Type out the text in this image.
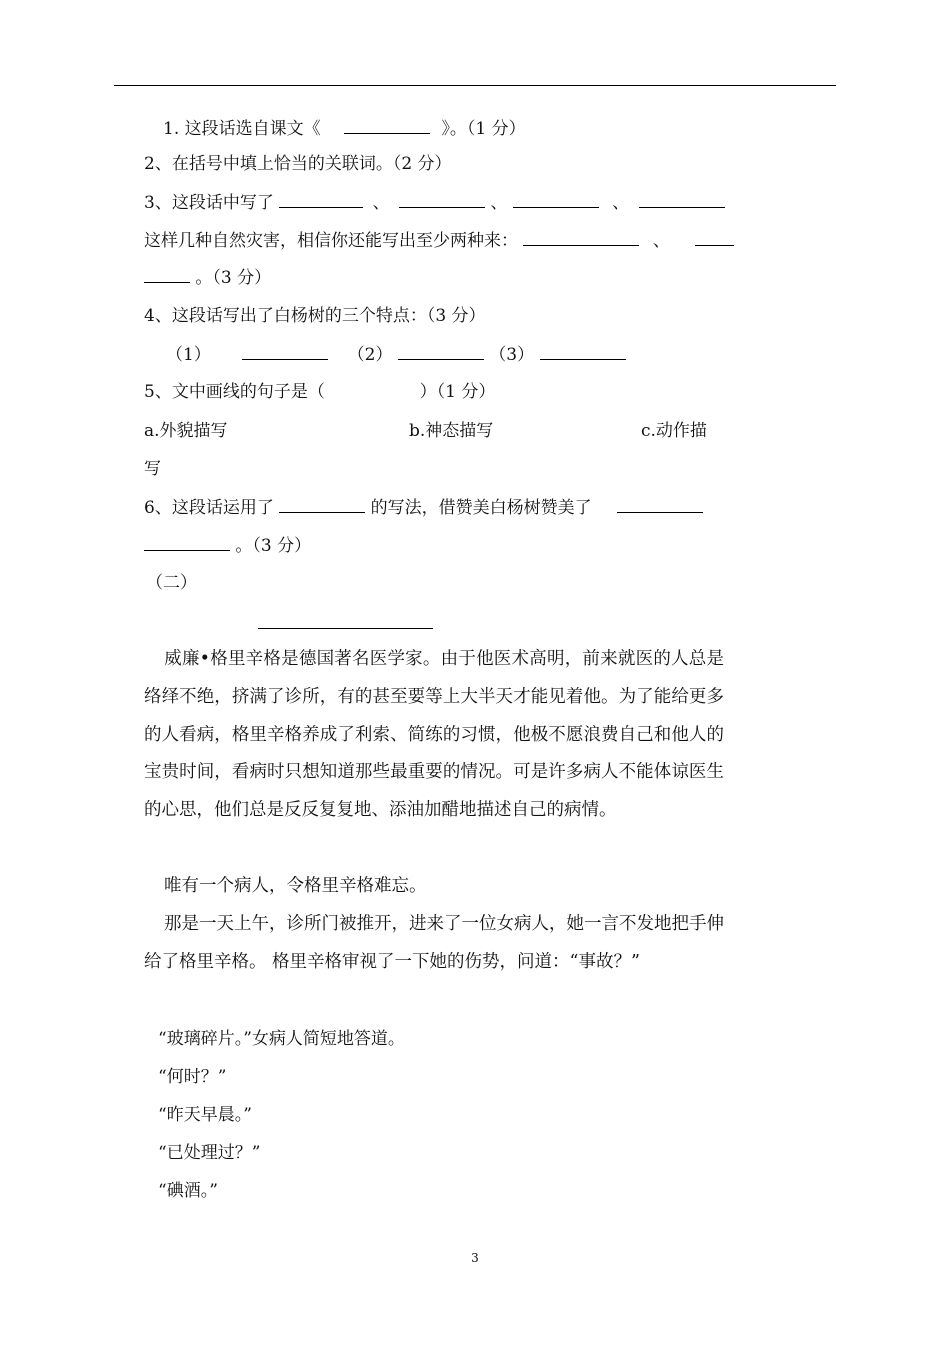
1. 这段话选自课文《	》。（1 分）
2、在括号中填上恰当的关联词。（2 分）
3、这段话中写了	、	、	、
这样几种自然灾害，相信你还能写出至少两种来：	、
。（3 分）
4、这段话写出了白杨树的三个特点：（3 分）
（1）	（2）	（3）
5、文中画线的句子是（	）（1 分）
a.外貌描写	b.神态描写	c.动作描
写
6、这段话运用了	的写法，借赞美白杨树赞美了
。（3 分）
（二）
威廉•格里辛格是德国著名医学家。由于他医术高明，前来就医的人总是络绎不绝，挤满了诊所，有的甚至要等上大半天才能见着他。为了能给更多的人看病，格里辛格养成了利索、简练的习惯，他极不愿浪费自己和他人的宝贵时间，看病时只想知道那些最重要的情况。可是许多病人不能体谅医生的心思，他们总是反反复复地、添油加醋地描述自己的病情。
唯有一个病人，令格里辛格难忘。
那是一天上午，诊所门被推开，进来了一位女病人，她一言不发地把手伸给了格里辛格。 格里辛格审视了一下她的伤势，问道：“事故？”
“玻璃碎片。”女病人简短地答道。
“何时？”
“昨天早晨。”
“已处理过？”
“碘酒。”
3
